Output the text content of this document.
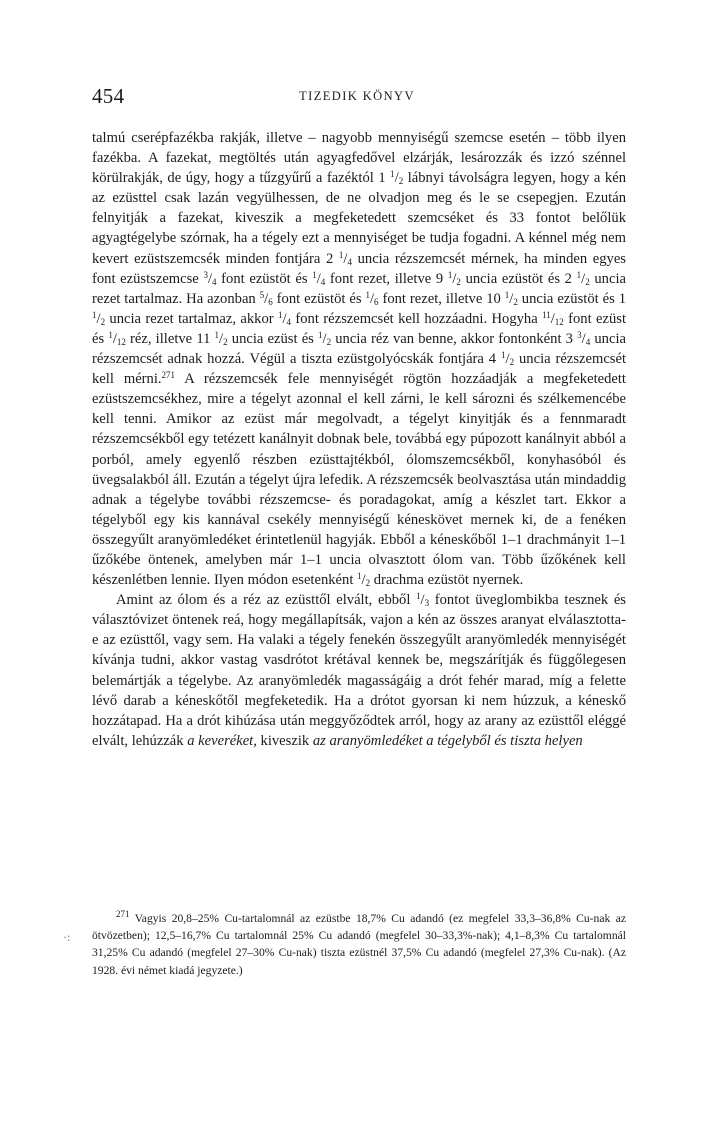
454	TIZEDIK KÖNYV

talmú cserépfazékba rakják, illetve – nagyobb mennyiségű szemcse esetén – több ilyen fazékba. A fazekat, megtöltés után agyagfedővel elzárják, lesározzák és izzó szénnel körülrakják, de úgy, hogy a tűzgyűrű a fazéktól 1 $^1/_2$ lábnyi távolságra legyen, hogy a kén az ezüsttel csak lazán vegyülhessen, de ne olvadjon meg és le se csepegjen. Ezután felnyitják a fazekat, kiveszik a megfeketedett szemcséket és 33 fontot belőlük agyagtégelybe szórnak, ha a tégely ezt a mennyiséget be tudja fogadni. A kénnel még nem kevert ezüstszemcsék minden fontjára 2 $^1/_4$ uncia rézszemcsét mérnek, ha minden egyes font ezüstszemcse $^3/_4$ font ezüstöt és $^1/_4$ font rezet, illetve 9 $^1/_2$ uncia ezüstöt és 2 $^1/_2$ uncia rezet tartalmaz. Ha azonban $^5/_6$ font ezüstöt és $^1/_6$ font rezet, illetve 10 $^1/_2$ uncia ezüstöt és 1 $^1/_2$ uncia rezet tartalmaz, akkor $^1/_4$ font rézszemcsét kell hozzáadni. Hogyha $^{11}/_{12}$ font ezüst és $^1/_{12}$ réz, illetve 11 $^1/_2$ uncia ezüst és $^1/_2$ uncia réz van benne, akkor fontonként 3 $^3/_4$ uncia rézszemcsét adnak hozzá. Végül a tiszta ezüstgolyócskák fontjára 4 $^1/_2$ uncia rézszemcsét kell mérni.$^{271}$ A rézszemcsék fele mennyiségét rögtön hozzáadják a megfeketedett ezüstszemcsékhez, mire a tégelyt azonnal el kell zárni, le kell sározni és szélkemencébe kell tenni. Amikor az ezüst már megolvadt, a tégelyt kinyitják és a fennmaradt rézszemcsékből egy tetézett kanálnyit dobnak bele, továbbá egy púpozott kanálnyit abból a porból, amely egyenlő részben ezüsttajtékból, ólomszemcsékből, konyhasóból és üvegsalakból áll. Ezután a tégelyt újra lefedik. A rézszemcsék beolvasztása után mindaddig adnak a tégelybe további rézszemcse- és poradagokat, amíg a készlet tart. Ekkor a tégelyből egy kis kannával csekély mennyiségű kéneskövet mernek ki, de a fenéken összegyűlt aranyömledéket érintetlenül hagyják. Ebből a kéneskőből 1–1 drachmányit 1–1 űzőkébe öntenek, amelyben már 1–1 uncia olvasztott ólom van. Több űzőkének kell készenlétben lennie. Ilyen módon esetenként $^1/_2$ drachma ezüstöt nyernek.

Amint az ólom és a réz az ezüsttől elvált, ebből $^1/_3$ fontot üveglombikba tesznek és választóvizet öntenek reá, hogy megállapítsák, vajon a kén az összes aranyat elválasztotta-e az ezüsttől, vagy sem. Ha valaki a tégely fenekén összegyűlt aranyömledék mennyiségét kívánja tudni, akkor vastag vasdrótot krétával kennek be, megszárítják és függőlegesen belemártják a tégelybe. Az aranyömledék magasságáig a drót fehér marad, míg a felette lévő darab a kéneskőtől megfeketedik. Ha a drótot gyorsan ki nem húzzuk, a kéneskő hozzátapad. Ha a drót kihúzása után meggyőződtek arról, hogy az arany az ezüsttől eléggé elvált, lehúzzák a keveréket, kiveszik az aranyömledéket a tégelyből és tiszta helyen

·:

$^{271}$ Vagyis 20,8–25% Cu-tartalomnál az ezüstbe 18,7% Cu adandó (ez megfelel 33,3–36,8% Cu-nak az ötvözetben); 12,5–16,7% Cu tartalomnál 25% Cu adandó (megfelel 30–33,3%-nak); 4,1–8,3% Cu tartalomnál 31,25% Cu adandó (megfelel 27–30% Cu-nak) tiszta ezüstnél 37,5% Cu adandó (megfelel 27,3% Cu-nak). (Az 1928. évi német kiadá jegyzete.)
